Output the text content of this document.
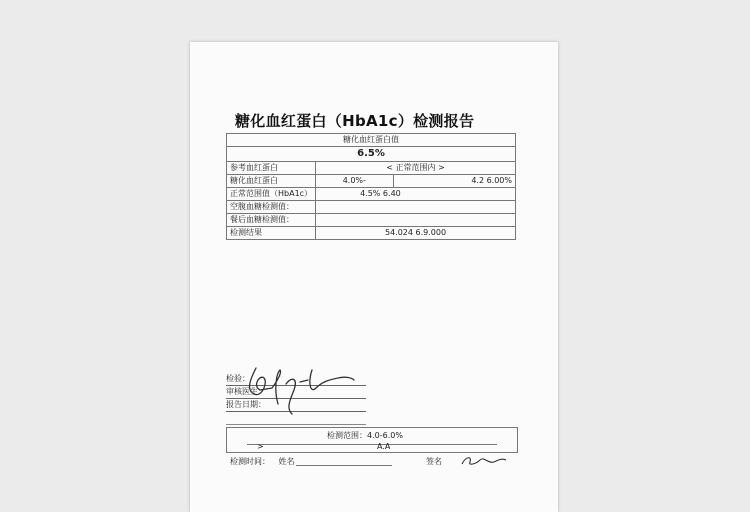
糖化血红蛋白（HbA1c）检测报告
糖化血红蛋白值		
6.5%		
参考血红蛋白	< 正常范围内 >	
糖化血红蛋白	4.0%-	4.2 6.00%
正常范围值（HbA1c）	4.5% 6.40	
空腹血糖检测值：		
餐后血糖检测值：		
检测结果	54.024 6.9.000	
检验：
审核医生：
报告日期：
检测范围：4.0-6.0%
>	A.A
检测时间： 姓名	签名
